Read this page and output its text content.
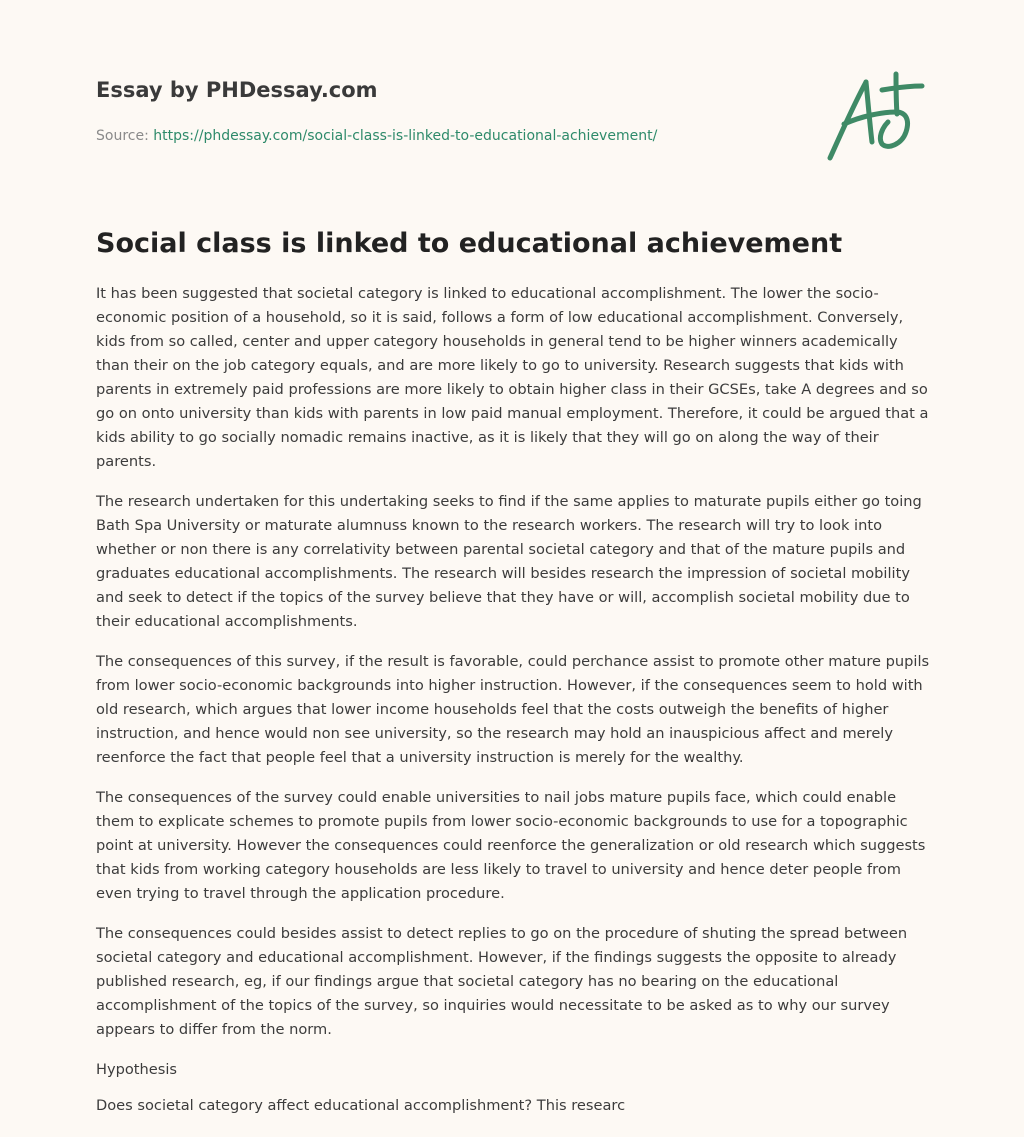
Essay by PHDessay.com
Source: https://phdessay.com/social-class-is-linked-to-educational-achievement/
Social class is linked to educational achievement

It has been suggested that societal category is linked to educational accomplishment. The lower the socio-economic position of a household, so it is said, follows a form of low educational accomplishment. Conversely, kids from so called, center and upper category households in general tend to be higher winners academically than their on the job category equals, and are more likely to go to university. Research suggests that kids with parents in extremely paid professions are more likely to obtain higher class in their GCSEs, take A degrees and so go on onto university than kids with parents in low paid manual employment. Therefore, it could be argued that a kids ability to go socially nomadic remains inactive, as it is likely that they will go on along the way of their parents.

The research undertaken for this undertaking seeks to find if the same applies to maturate pupils either go toing Bath Spa University or maturate alumnuss known to the research workers. The research will try to look into whether or non there is any correlativity between parental societal category and that of the mature pupils and graduates educational accomplishments. The research will besides research the impression of societal mobility and seek to detect if the topics of the survey believe that they have or will, accomplish societal mobility due to their educational accomplishments.

The consequences of this survey, if the result is favorable, could perchance assist to promote other mature pupils from lower socio-economic backgrounds into higher instruction. However, if the consequences seem to hold with old research, which argues that lower income households feel that the costs outweigh the benefits of higher instruction, and hence would non see university, so the research may hold an inauspicious affect and merely reenforce the fact that people feel that a university instruction is merely for the wealthy.

The consequences of the survey could enable universities to nail jobs mature pupils face, which could enable them to explicate schemes to promote pupils from lower socio-economic backgrounds to use for a topographic point at university. However the consequences could reenforce the generalization or old research which suggests that kids from working category households are less likely to travel to university and hence deter people from even trying to travel through the application procedure.

The consequences could besides assist to detect replies to go on the procedure of shuting the spread between societal category and educational accomplishment. However, if the findings suggests the opposite to already published research, eg, if our findings argue that societal category has no bearing on the educational accomplishment of the topics of the survey, so inquiries would necessitate to be asked as to why our survey appears to differ from the norm.

Hypothesis

Does societal category affect educational accomplishment? This researc
